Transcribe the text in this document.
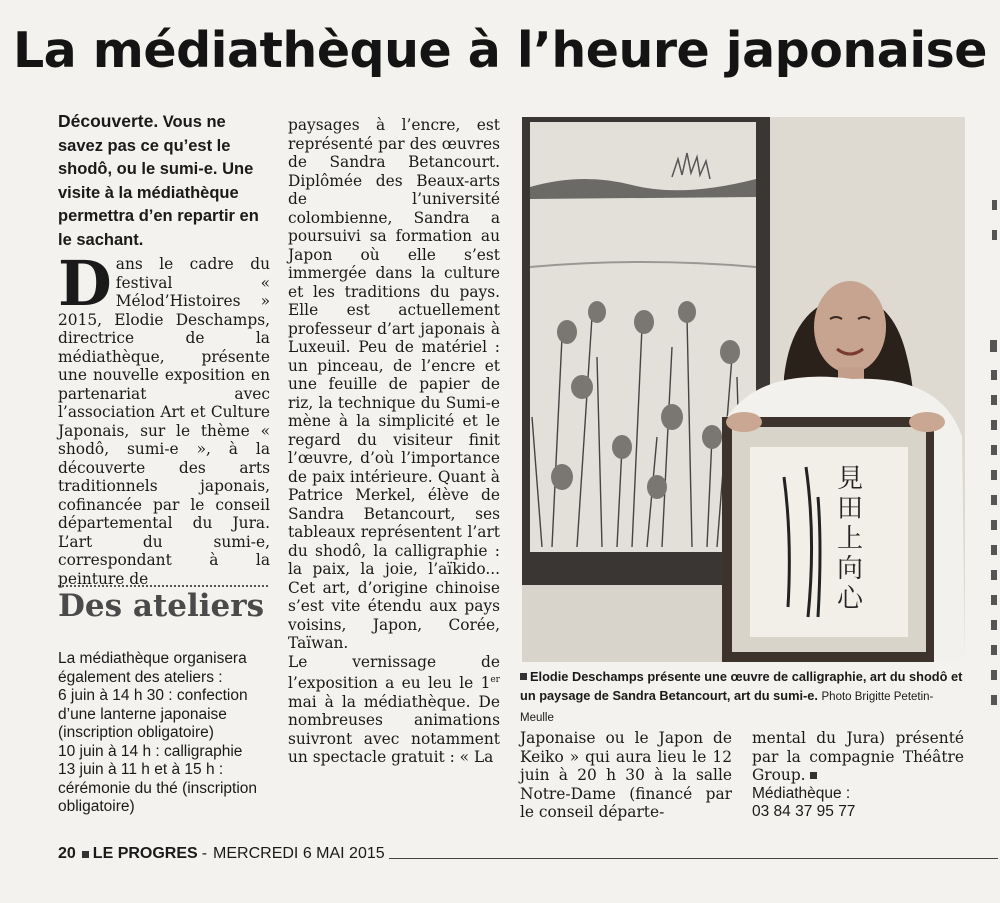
La médiathèque à l’heure japonaise
Découverte. Vous ne savez pas ce qu’est le shodô, ou le sumi-e. Une visite à la médiathèque permettra d’en repartir en le sachant.
D ans le cadre du festival « Mélod’Histoires » 2015, Elodie Deschamps, directrice de la médiathèque, présente une nouvelle exposition en partenariat avec l’association Art et Culture Japonais, sur le thème « shodô, sumi-e », à la découverte des arts traditionnels japonais, cofinancée par le conseil départemental du Jura. L’art du sumi-e, correspondant à la peinture de
Des ateliers
La médiathèque organisera
également des ateliers :
6 juin à 14 h 30 : confection
d’une lanterne japonaise (inscription obligatoire)
10 juin à 14 h : calligraphie
13 juin à 11 h et à 15 h : cérémonie du thé (inscription obligatoire)

paysages à l’encre, est représenté par des œuvres de Sandra Betancourt. Diplômée des Beaux-arts de l’université colombienne, Sandra a poursuivi sa formation au Japon où elle s’est immergée dans la culture et les traditions du pays. Elle est actuellement professeur d’art japonais à Luxeuil. Peu de matériel : un pinceau, de l’encre et une feuille de papier de riz, la technique du Sumi-e mène à la simplicité et le regard du visiteur finit l’œuvre, d’où l’importance de paix intérieure. Quant à Patrice Merkel, élève de Sandra Betancourt, ses tableaux représentent l’art du shodô, la calligraphie : la paix, la joie, l’aïkido... Cet art, d’origine chinoise s’est vite étendu aux pays voisins, Japon, Corée, Taïwan.

Le vernissage de l’exposition a eu leu le 1er mai à la médiathèque. De nombreuses animations suivront avec notamment un spectacle gratuit : « La

見
田
上
向
心
Elodie Deschamps présente une œuvre de calligraphie, art du shodô et un paysage de Sandra Betancourt, art du sumi-e. Photo Brigitte Petetin-Meulle

Japonaise ou le Japon de Keiko » qui aura lieu le 12 juin à 20 h 30 à la salle Notre-Dame (financé par le conseil départe-

mental du Jura) présenté par la compagnie Théâtre Group.

Médiathèque :

03 84 37 95 77

20 LE PROGRES - MERCREDI 6 MAI 2015
